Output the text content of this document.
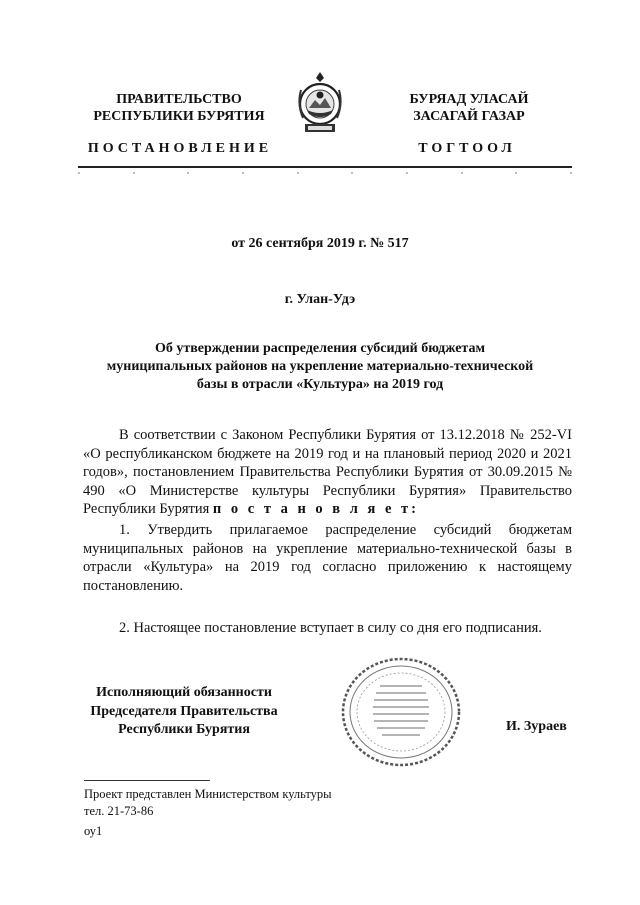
ПРАВИТЕЛЬСТВО
РЕСПУБЛИКИ БУРЯТИЯ
БУРЯАД УЛАСАЙ
ЗАСАГАЙ ГАЗАР
ПОСТАНОВЛЕНИЕ	ТОГТООЛ
от 26 сентября 2019 г. № 517
г. Улан-Удэ
Об утверждении распределения субсидий бюджетам
муниципальных районов на укрепление материально-технической
базы в отрасли «Культура» на 2019 год
В соответствии с Законом Республики Бурятия от 13.12.2018 № 252-VI «О республиканском бюджете на 2019 год и на плановый период 2020 и 2021 годов», постановлением Правительства Республики Бурятия от 30.09.2015 № 490 «О Министерстве культуры Республики Бурятия» Правительство Республики Бурятия п о с т а н о в л я е т:
1. Утвердить прилагаемое распределение субсидий бюджетам муниципальных районов на укрепление материально-технической базы в отрасли «Культура» на 2019 год согласно приложению к настоящему постановлению.
2. Настоящее постановление вступает в силу со дня его подписания.
Исполняющий обязанности
Председателя Правительства
Республики Бурятия	И. Зураев
Проект представлен Министерством культуры
тел. 21-73-86
оу1
